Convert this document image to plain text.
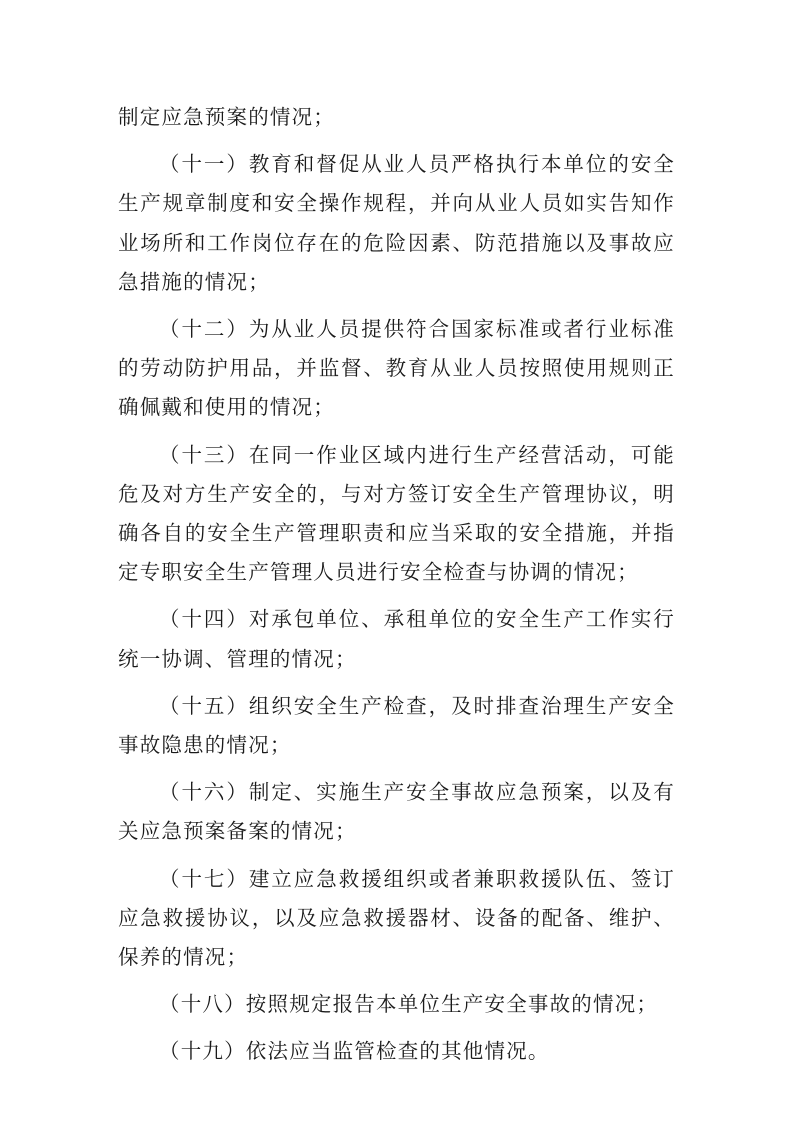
制定应急预案的情况；

（十一）教育和督促从业人员严格执行本单位的安全生产规章制度和安全操作规程，并向从业人员如实告知作业场所和工作岗位存在的危险因素、防范措施以及事故应急措施的情况；

（十二）为从业人员提供符合国家标准或者行业标准的劳动防护用品，并监督、教育从业人员按照使用规则正确佩戴和使用的情况；

（十三）在同一作业区域内进行生产经营活动，可能危及对方生产安全的，与对方签订安全生产管理协议，明确各自的安全生产管理职责和应当采取的安全措施，并指定专职安全生产管理人员进行安全检查与协调的情况；

（十四）对承包单位、承租单位的安全生产工作实行统一协调、管理的情况；

（十五）组织安全生产检查，及时排查治理生产安全事故隐患的情况；

（十六）制定、实施生产安全事故应急预案，以及有关应急预案备案的情况；

（十七）建立应急救援组织或者兼职救援队伍、签订应急救援协议，以及应急救援器材、设备的配备、维护、保养的情况；

（十八）按照规定报告本单位生产安全事故的情况；

（十九）依法应当监管检查的其他情况。
